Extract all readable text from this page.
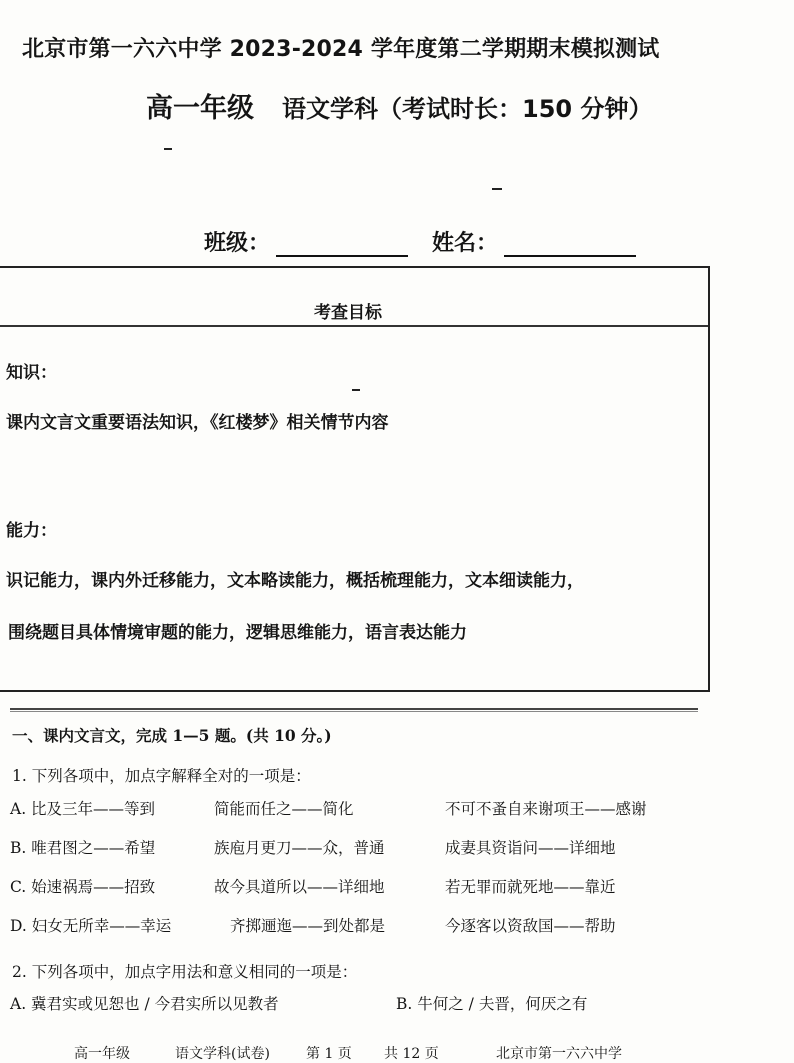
北京市第一六六中学 2023-2024 学年度第二学期期末模拟测试
高一年级 语文学科（考试时长：150 分钟）
班级：	姓名：
考查目标
知识：
课内文言文重要语法知识，《红楼梦》相关情节内容
能力：
识记能力，课内外迁移能力，文本略读能力，概括梳理能力，文本细读能力，
围绕题目具体情境审题的能力，逻辑思维能力，语言表达能力
一、课内文言文，完成 1—5 题。(共 10 分。)
1. 下列各项中，加点字解释全对的一项是：
A. 比及三年——等到	简能而任之——简化	不可不蚤自来谢项王——感谢
B. 唯君图之——希望	族庖月更刀——众，普通	成妻具资诣问——详细地
C. 始速祸焉——招致	故今具道所以——详细地	若无罪而就死地——靠近
D. 妇女无所幸——幸运	齐掷逦迤——到处都是	今逐客以资敌国——帮助
2. 下列各项中，加点字用法和意义相同的一项是：
A. 冀君实或见恕也 / 今君实所以见教者	B. 牛何之 / 夫晋，何厌之有
高一年级	语文学科(试卷)	第 1 页 共 12 页	北京市第一六六中学
